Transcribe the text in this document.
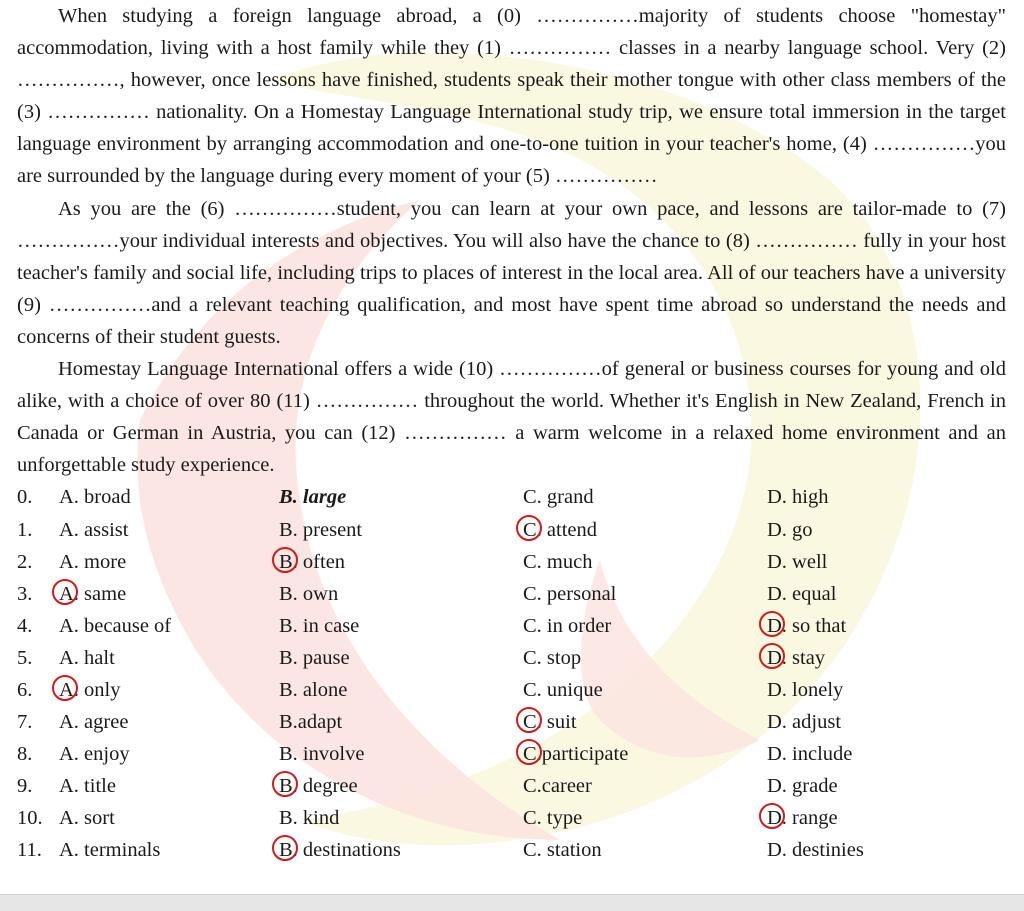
When studying a foreign language abroad, a (0) ……………majority of students choose "homestay" accommodation, living with a host family while they (1) …………… classes in a nearby language school. Very (2) ……………, however, once lessons have finished, students speak their mother tongue with other class members of the (3) …………… nationality. On a Homestay Language International study trip, we ensure total immersion in the target language environment by arranging accommodation and one-to-one tuition in your teacher's home, (4) ……………you are surrounded by the language during every moment of your (5) ……………

As you are the (6) ……………student, you can learn at your own pace, and lessons are tailor-made to (7) ……………your individual interests and objectives. You will also have the chance to (8) …………… fully in your host teacher's family and social life, including trips to places of interest in the local area. All of our teachers have a university (9) ……………and a relevant teaching qualification, and most have spent time abroad so understand the needs and concerns of their student guests.

Homestay Language International offers a wide (10) ……………of general or business courses for young and old alike, with a choice of over 80 (11) …………… throughout the world. Whether it's English in New Zealand, French in Canada or German in Austria, you can (12) …………… a warm welcome in a relaxed home environment and an unforgettable study experience.

0. A. broad	B. large	C. grand	D. high
1. A. assist	B. present	C. attend	D. go
2. A. more	B. often	C. much	D. well
3. A. same	B. own	C. personal	D. equal
4. A. because of	B. in case	C. in order	D. so that
5. A. halt	B. pause	C. stop	D. stay
6. A. only	B. alone	C. unique	D. lonely
7. A. agree	B.adapt	C. suit	D. adjust
8. A. enjoy	B. involve	C.participate	D. include
9. A. title	B. degree	C.career	D. grade
10. A. sort	B. kind	C. type	D. range
11. A. terminals	B. destinations	C. station	D. destinies
